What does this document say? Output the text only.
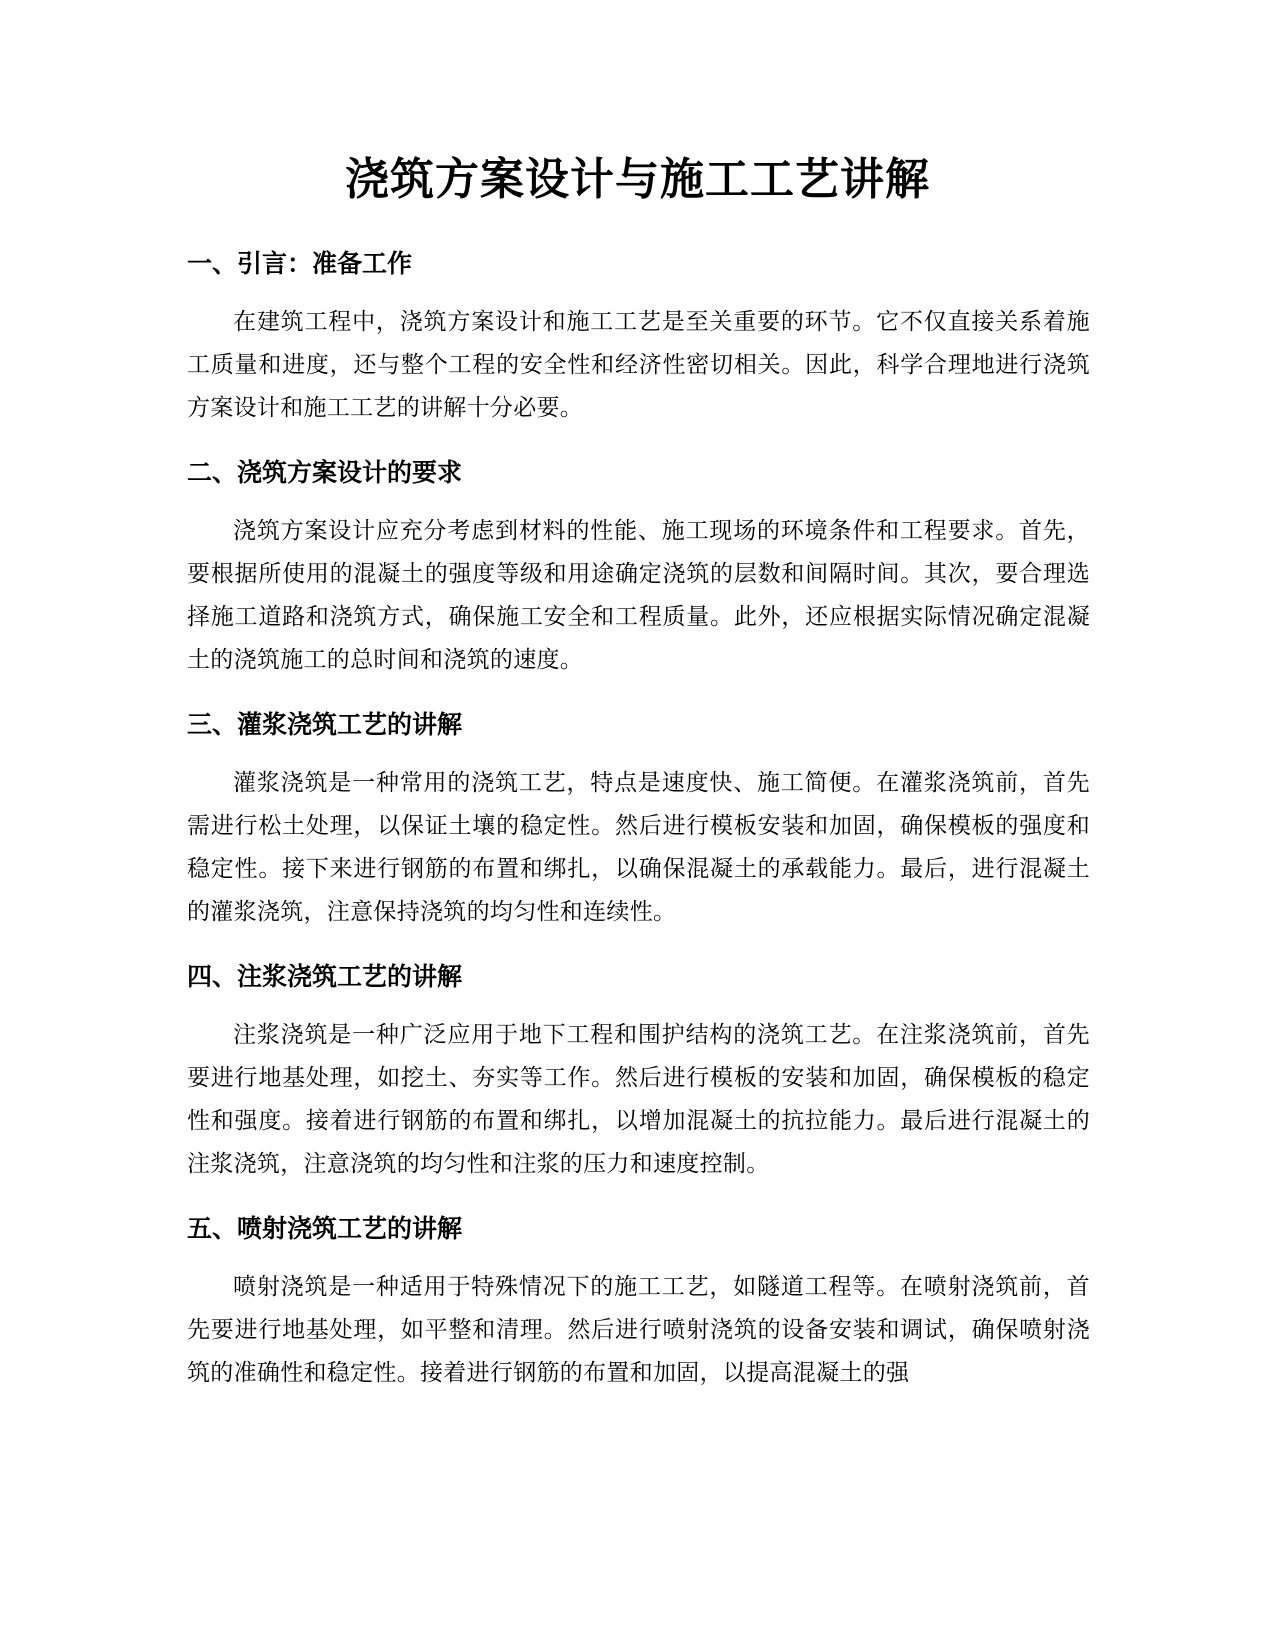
浇筑方案设计与施工工艺讲解
一、引言：准备工作

在建筑工程中，浇筑方案设计和施工工艺是至关重要的环节。它不仅直接关系着施工质量和进度，还与整个工程的安全性和经济性密切相关。因此，科学合理地进行浇筑方案设计和施工工艺的讲解十分必要。

二、浇筑方案设计的要求

浇筑方案设计应充分考虑到材料的性能、施工现场的环境条件和工程要求。首先，要根据所使用的混凝土的强度等级和用途确定浇筑的层数和间隔时间。其次，要合理选择施工道路和浇筑方式，确保施工安全和工程质量。此外，还应根据实际情况确定混凝土的浇筑施工的总时间和浇筑的速度。

三、灌浆浇筑工艺的讲解

灌浆浇筑是一种常用的浇筑工艺，特点是速度快、施工简便。在灌浆浇筑前，首先需进行松土处理，以保证土壤的稳定性。然后进行模板安装和加固，确保模板的强度和稳定性。接下来进行钢筋的布置和绑扎，以确保混凝土的承载能力。最后，进行混凝土的灌浆浇筑，注意保持浇筑的均匀性和连续性。

四、注浆浇筑工艺的讲解

注浆浇筑是一种广泛应用于地下工程和围护结构的浇筑工艺。在注浆浇筑前，首先要进行地基处理，如挖土、夯实等工作。然后进行模板的安装和加固，确保模板的稳定性和强度。接着进行钢筋的布置和绑扎，以增加混凝土的抗拉能力。最后进行混凝土的注浆浇筑，注意浇筑的均匀性和注浆的压力和速度控制。

五、喷射浇筑工艺的讲解

喷射浇筑是一种适用于特殊情况下的施工工艺，如隧道工程等。在喷射浇筑前，首先要进行地基处理，如平整和清理。然后进行喷射浇筑的设备安装和调试，确保喷射浇筑的准确性和稳定性。接着进行钢筋的布置和加固，以提高混凝土的强
